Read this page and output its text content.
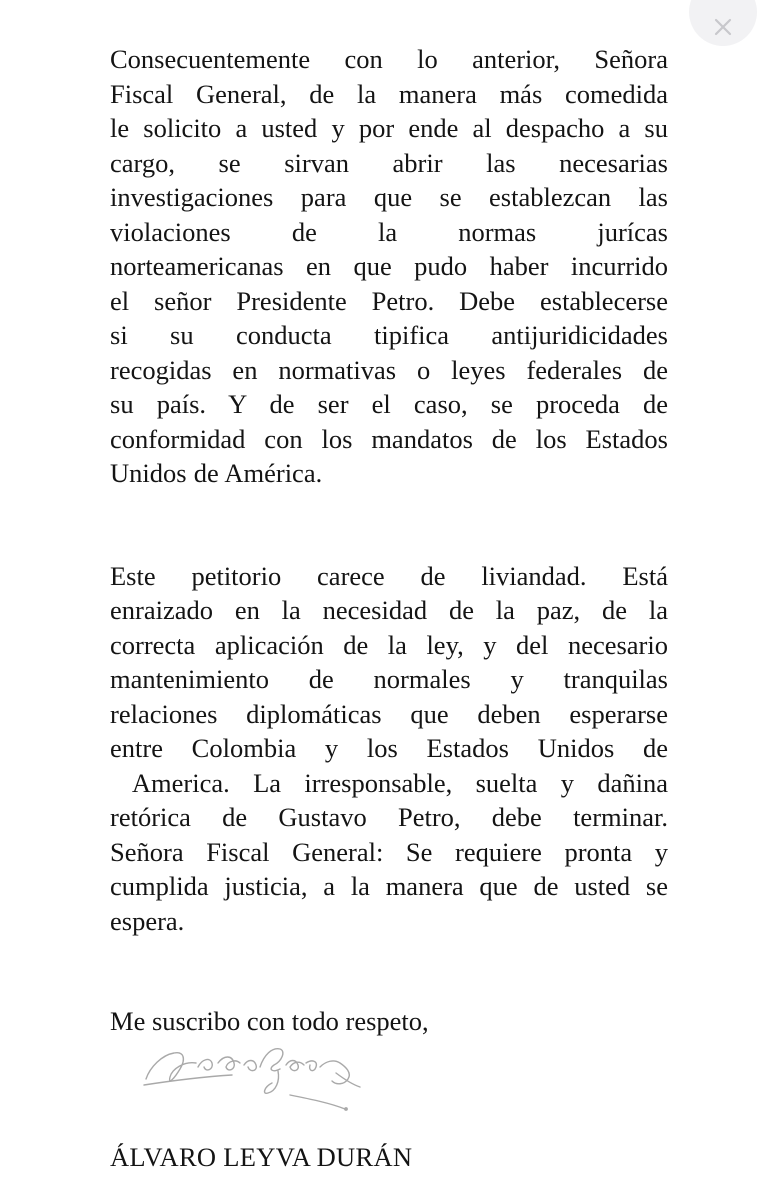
Consecuentemente con lo anterior, Señora
Fiscal General, de la manera más comedida
le solicito a usted y por ende al despacho a su
cargo, se sirvan abrir las necesarias
investigaciones para que se establezcan las
violaciones de la normas jurícas
norteamericanas en que pudo haber incurrido
el señor Presidente Petro. Debe establecerse
si su conducta tipifica antijuridicidades
recogidas en normativas o leyes federales de
su país. Y de ser el caso, se proceda de
conformidad con los mandatos de los Estados
Unidos de América.
Este petitorio carece de liviandad. Está
enraizado en la necesidad de la paz, de la
correcta aplicación de la ley, y del necesario
mantenimiento de normales y tranquilas
relaciones diplomáticas que deben esperarse
entre Colombia y los Estados Unidos de
America. La irresponsable, suelta y dañina
retórica de Gustavo Petro, debe terminar.
Señora Fiscal General: Se requiere pronta y
cumplida justicia, a la manera que de usted se
espera.
Me suscribo con todo respeto,
ÁLVARO LEYVA DURÁN
